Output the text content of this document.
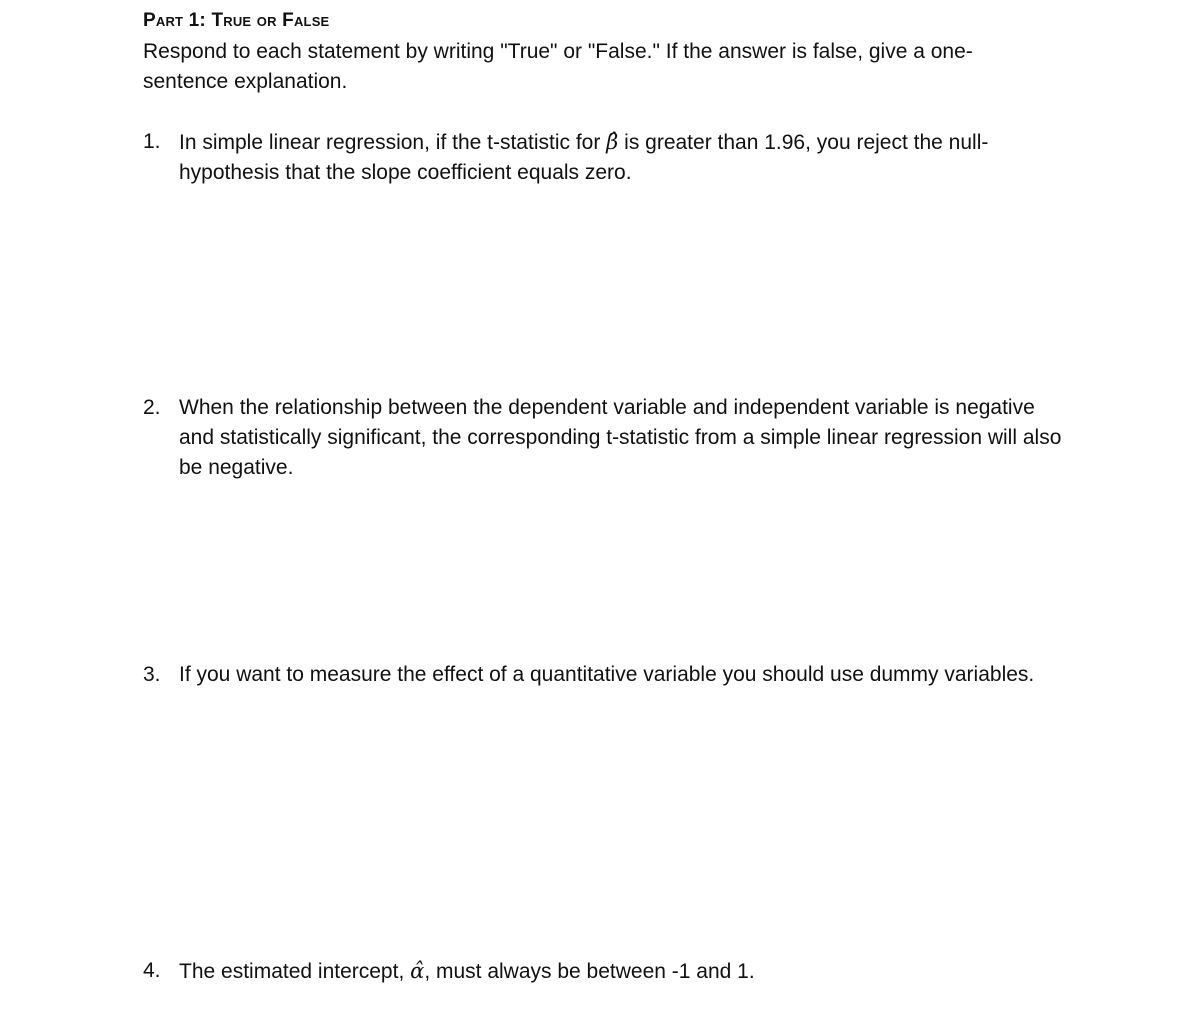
Part 1: True or False
Respond to each statement by writing "True" or "False." If the answer is false, give a one-sentence explanation.
1. In simple linear regression, if the t-statistic for β̂ is greater than 1.96, you reject the null-hypothesis that the slope coefficient equals zero.
2. When the relationship between the dependent variable and independent variable is negative and statistically significant, the corresponding t-statistic from a simple linear regression will also be negative.
3. If you want to measure the effect of a quantitative variable you should use dummy variables.
4. The estimated intercept, α̂, must always be between -1 and 1.
